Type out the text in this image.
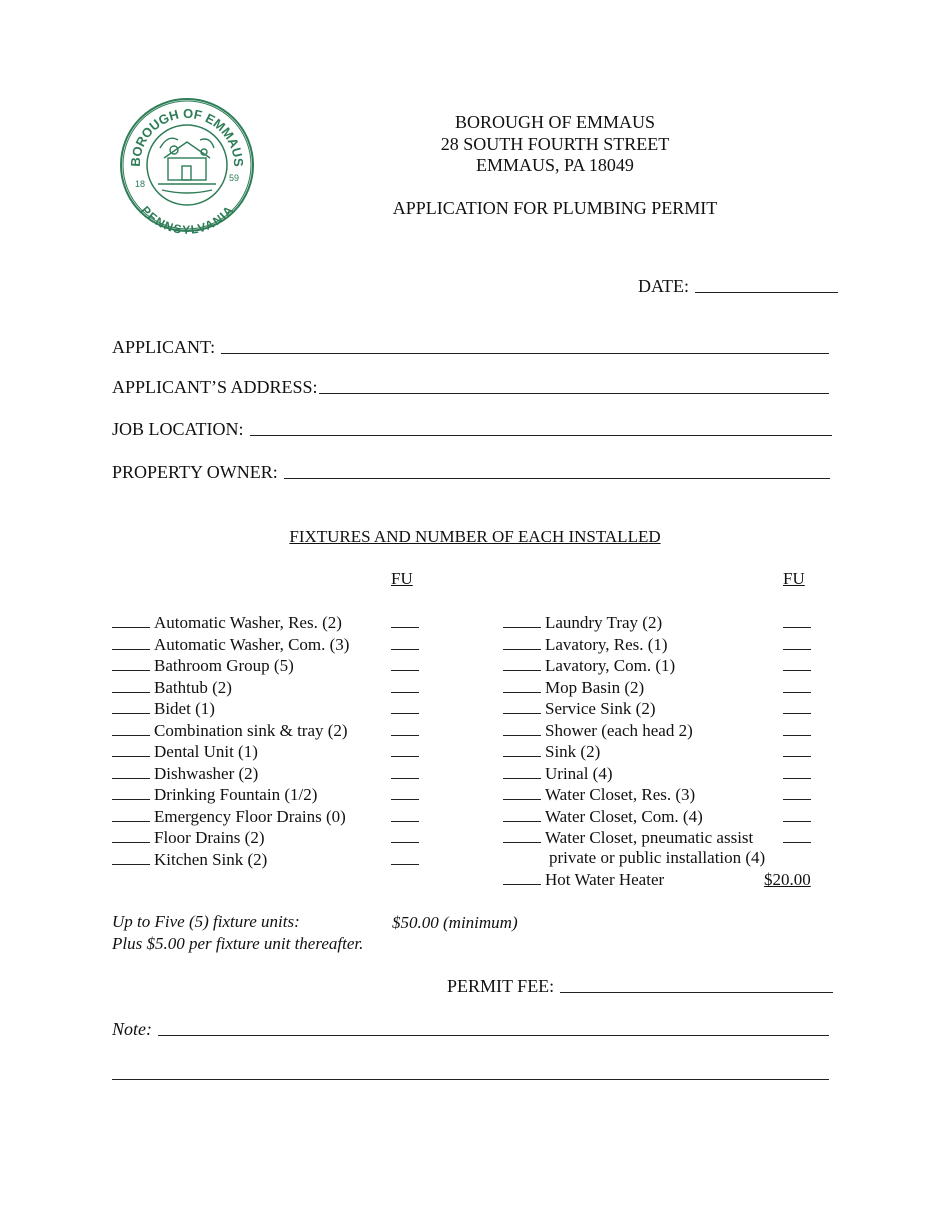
BOROUGH OF EMMAUS
PENNSYLVANIA
18
59
BOROUGH OF EMMAUS
28 SOUTH FOURTH STREET
EMMAUS, PA 18049
APPLICATION FOR PLUMBING PERMIT
DATE:
APPLICANT:
APPLICANT’S ADDRESS:
JOB LOCATION:
PROPERTY OWNER:
FIXTURES AND NUMBER OF EACH INSTALLED
FU	FU
Automatic Washer, Res. (2)
Automatic Washer, Com. (3)
Bathroom Group (5)
Bathtub (2)
Bidet (1)
Combination sink & tray (2)
Dental Unit (1)
Dishwasher (2)
Drinking Fountain (1/2)
Emergency Floor Drains (0)
Floor Drains (2)
Kitchen Sink (2)
Laundry Tray (2)
Lavatory, Res. (1)
Lavatory, Com. (1)
Mop Basin (2)
Service Sink (2)
Shower (each head 2)
Sink (2)
Urinal (4)
Water Closet, Res. (3)
Water Closet, Com. (4)
Water Closet, pneumatic assist
private or public installation (4)
Hot Water Heater	$20.00
Up to Five (5) fixture units:	$50.00 (minimum)
Plus $5.00 per fixture unit thereafter.
PERMIT FEE:
Note:
